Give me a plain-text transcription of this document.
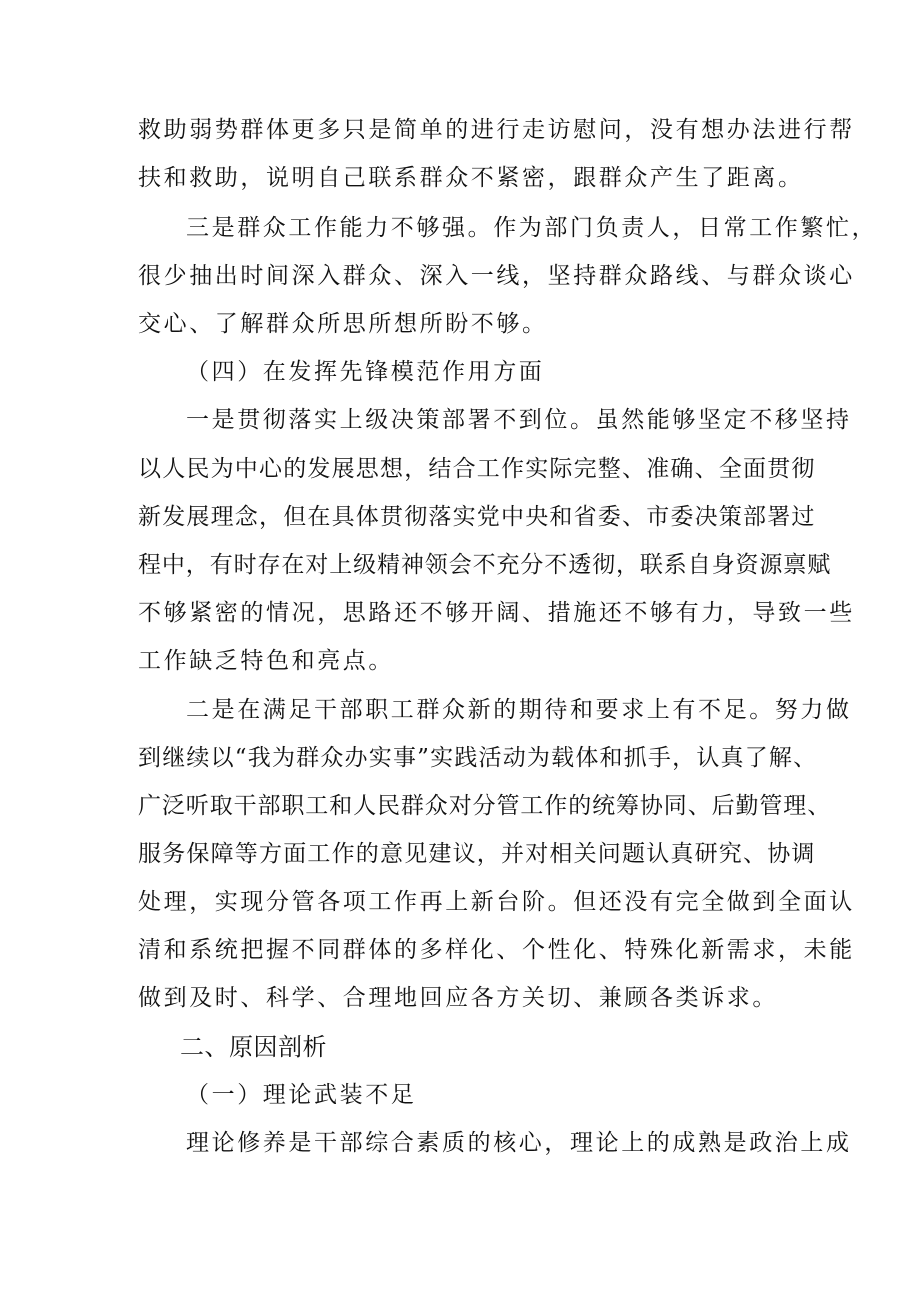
救助弱势群体更多只是简单的进行走访慰问，没有想办法进行帮
扶和救助，说明自己联系群众不紧密，跟群众产生了距离。
三是群众工作能力不够强。作为部门负责人，日常工作繁忙，
很少抽出时间深入群众、深入一线，坚持群众路线、与群众谈心
交心、了解群众所思所想所盼不够。
（四）在发挥先锋模范作用方面
一是贯彻落实上级决策部署不到位。虽然能够坚定不移坚持
以人民为中心的发展思想，结合工作实际完整、准确、全面贯彻
新发展理念，但在具体贯彻落实党中央和省委、市委决策部署过
程中，有时存在对上级精神领会不充分不透彻，联系自身资源禀赋
不够紧密的情况，思路还不够开阔、措施还不够有力，导致一些
工作缺乏特色和亮点。
二是在满足干部职工群众新的期待和要求上有不足。努力做
到继续以“我为群众办实事”实践活动为载体和抓手，认真了解、
广泛听取干部职工和人民群众对分管工作的统筹协同、后勤管理、
服务保障等方面工作的意见建议，并对相关问题认真研究、协调
处理，实现分管各项工作再上新台阶。但还没有完全做到全面认
清和系统把握不同群体的多样化、个性化、特殊化新需求，未能
做到及时、科学、合理地回应各方关切、兼顾各类诉求。
二、原因剖析
（一）理论武装不足
理论修养是干部综合素质的核心，理论上的成熟是政治上成
